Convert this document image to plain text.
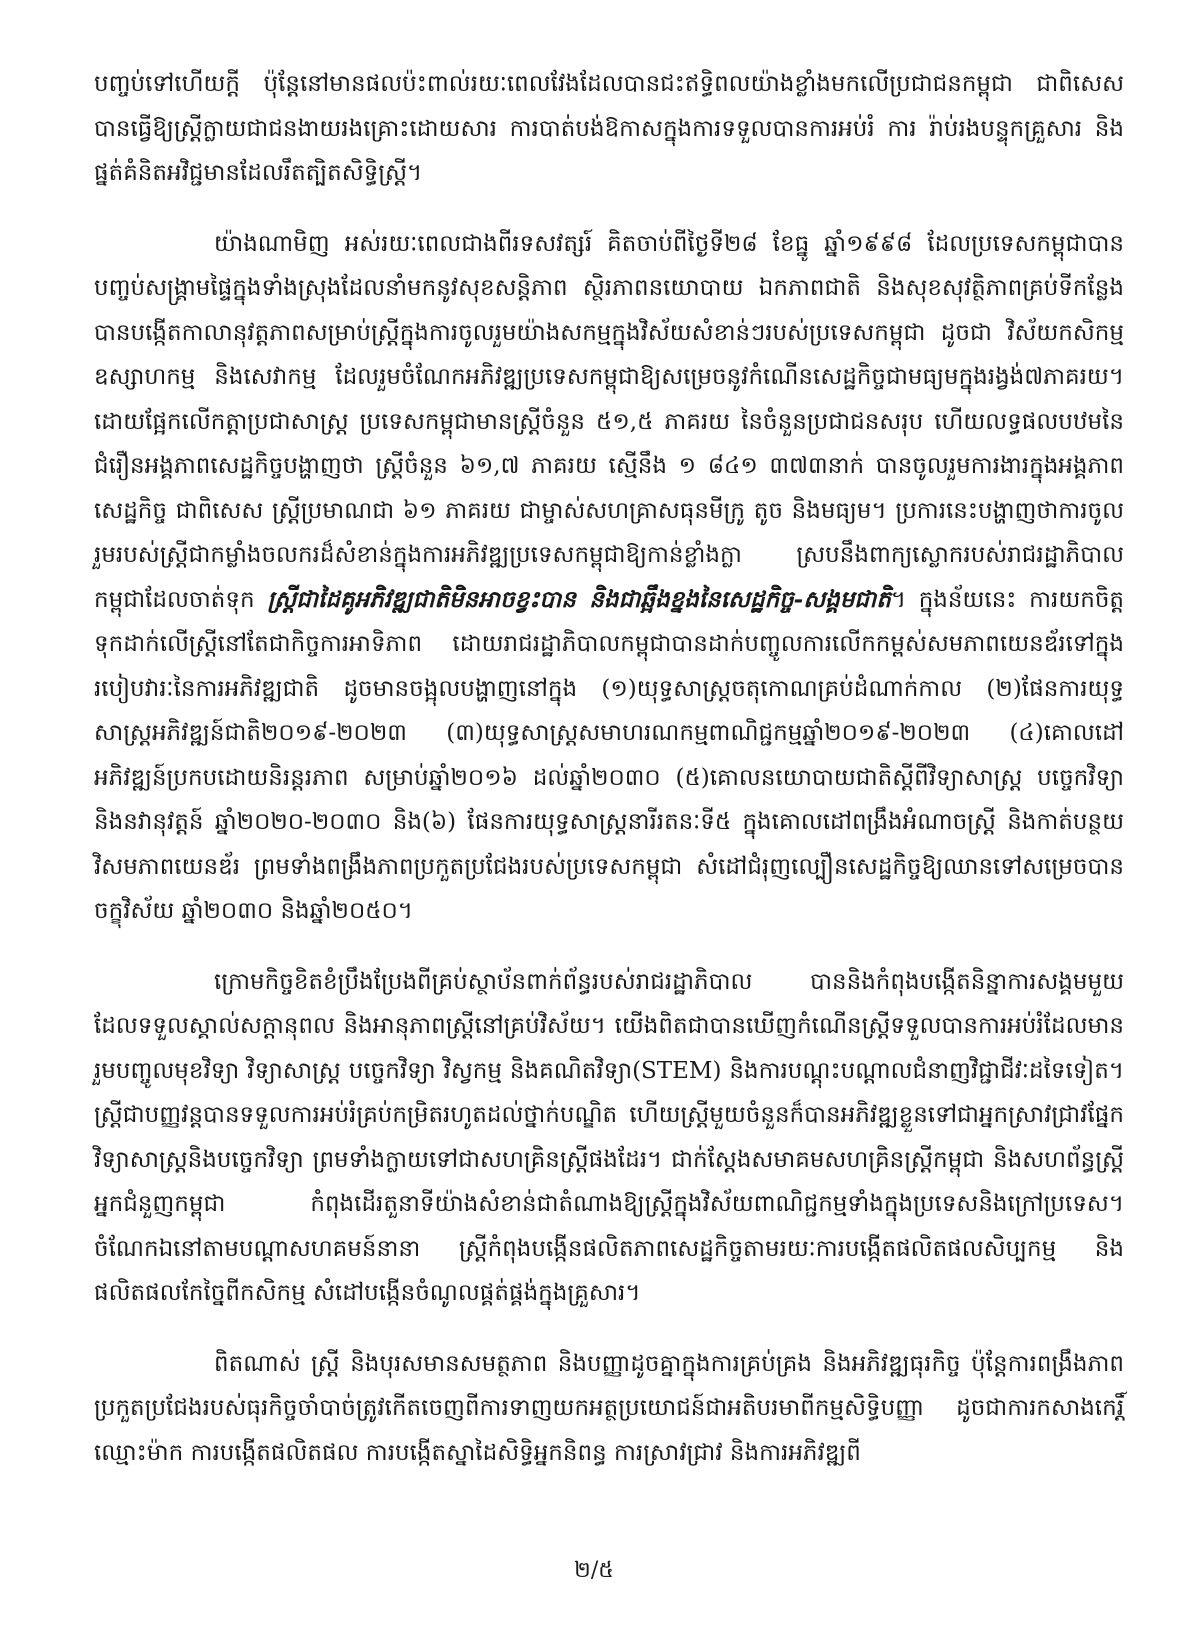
បញ្ចប់ទៅហើយក្ដី ប៉ុន្តែនៅមានផលប៉ះពាល់រយៈពេលវែងដែលបានជះឥទ្ធិពលយ៉ាងខ្លាំងមកលើប្រជាជនកម្ពុជា ជាពិសេសបានធ្វើឱ្យស្ត្រីក្លាយជាជនងាយរងគ្រោះដោយសារ ការបាត់បង់ឱកាសក្នុងការទទួលបានការអប់រំ ការ រ៉ាប់រងបន្ទុកគ្រួសារ និងផ្នត់គំនិតអវិជ្ជមានដែលរឹតត្បិតសិទ្ធិស្ត្រី។

យ៉ាងណាមិញ អស់រយៈពេលជាងពីរទសវត្សរ៍ គិតចាប់ពីថ្ងៃទី២៨ ខែធ្នូ ឆ្នាំ១៩៩៨ ដែលប្រទេសកម្ពុជាបានបញ្ចប់សង្គ្រាមផ្ទៃក្នុងទាំងស្រុងដែលនាំមកនូវសុខសន្តិភាព ស្ថិរភាពនយោបាយ ឯកភាពជាតិ និងសុខសុវត្ថិភាពគ្រប់ទីកន្លែង បានបង្កើតកាលានុវត្តភាពសម្រាប់ស្ត្រីក្នុងការចូលរួមយ៉ាងសកម្មក្នុងវិស័យសំខាន់ៗរបស់ប្រទេសកម្ពុជា ដូចជា វិស័យកសិកម្ម ឧស្សាហកម្ម និងសេវាកម្ម ដែលរួមចំណែកអភិវឌ្ឍប្រទេសកម្ពុជាឱ្យសម្រេចនូវកំណើនសេដ្ឋកិច្ចជាមធ្យមក្នុងរង្វង់៧ភាគរយ។ ដោយផ្អែកលើកត្តាប្រជាសាស្ត្រ ប្រទេសកម្ពុជាមានស្ត្រីចំនួន ៥១,៥ ភាគរយ នៃចំនួនប្រជាជនសរុប ហើយលទ្ធផលបឋមនៃជំរឿនអង្គភាពសេដ្ឋកិច្ចបង្ហាញថា ស្ត្រីចំនួន ៦១,៧ ភាគរយ ស្មើនឹង ១ ៨៤១ ៣៧៣នាក់ បានចូលរួមការងារក្នុងអង្គភាពសេដ្ឋកិច្ច ជាពិសេស ស្ត្រីប្រមាណជា ៦១ ភាគរយ ជាម្ចាស់សហគ្រាសធុនមីក្រូ តូច និងមធ្យម។ ប្រការនេះបង្ហាញថាការចូលរួមរបស់ស្ត្រីជាកម្លាំងចលករដ៏សំខាន់ក្នុងការអភិវឌ្ឍប្រទេសកម្ពុជាឱ្យកាន់ខ្លាំងក្លា ស្របនឹងពាក្យស្លោករបស់រាជរដ្ឋាភិបាលកម្ពុជាដែលចាត់ទុក ស្ត្រីជាដៃគូអភិវឌ្ឍជាតិមិនអាចខ្វះបាន និងជាឆ្អឹងខ្នងនៃសេដ្ឋកិច្ច-សង្គមជាតិ។ ក្នុងន័យនេះ ការយកចិត្តទុកដាក់លើស្ត្រីនៅតែជាកិច្ចការអាទិភាព ដោយរាជរដ្ឋាភិបាលកម្ពុជាបានដាក់បញ្ចូលការលើកកម្ពស់សមភាពយេនឌ័រទៅក្នុងរបៀបវារៈនៃការអភិវឌ្ឍជាតិ ដូចមានចង្អុលបង្ហាញនៅក្នុង (១)យុទ្ធសាស្ត្រចតុកោណគ្រប់ដំណាក់កាល (២)ផែនការយុទ្ធសាស្ត្រអភិវឌ្ឍន៍ជាតិ២០១៩-២០២៣ (៣)យុទ្ធសាស្ត្រសមាហរណកម្មពាណិជ្ជកម្មឆ្នាំ២០១៩-២០២៣ (៤)គោលដៅអភិវឌ្ឍន៍ប្រកបដោយនិរន្តរភាព សម្រាប់ឆ្នាំ២០១៦ ដល់ឆ្នាំ២០៣០ (៥)គោលនយោបាយជាតិស្ដីពីវិទ្យាសាស្ត្រ បច្ចេកវិទ្យា និងនវានុវត្តន៍ ឆ្នាំ២០២០-២០៣០ និង(៦) ផែនការយុទ្ធសាស្ត្រនារីរតនៈទី៥ ក្នុងគោលដៅពង្រឹងអំណាចស្ត្រី និងកាត់បន្ថយវិសមភាពយេនឌ័រ ព្រមទាំងពង្រឹងភាពប្រកួតប្រជែងរបស់ប្រទេសកម្ពុជា សំដៅជំរុញល្បឿនសេដ្ឋកិច្ចឱ្យឈានទៅសម្រេចបានចក្ខុវិស័យ ឆ្នាំ២០៣០ និងឆ្នាំ២០៥០។

ក្រោមកិច្ចខិតខំប្រឹងប្រែងពីគ្រប់ស្ថាប័នពាក់ព័ន្ធរបស់រាជរដ្ឋាភិបាល បាននិងកំពុងបង្កើតនិន្នាការសង្គមមួយ ដែលទទួលស្គាល់សក្ដានុពល និងអានុភាពស្ត្រីនៅគ្រប់វិស័យ។ យើងពិតជាបានឃើញកំណើនស្ត្រីទទួលបានការអប់រំដែលមានរួមបញ្ចូលមុខវិទ្យា វិទ្យាសាស្ត្រ បច្ចេកវិទ្យា វិស្វកម្ម និងគណិតវិទ្យា(STEM) និងការបណ្ដុះបណ្ដាលជំនាញវិជ្ជាជីវៈដទៃទៀត។ ស្ត្រីជាបញ្ញវន្តបានទទួលការអប់រំគ្រប់កម្រិតរហូតដល់ថ្នាក់បណ្ឌិត ហើយស្ត្រីមួយចំនួនក៏បានអភិវឌ្ឍខ្លួនទៅជាអ្នកស្រាវជ្រាវផ្នែកវិទ្យាសាស្ត្រនិងបច្ចេកវិទ្យា ព្រមទាំងក្លាយទៅជាសហគ្រិនស្ត្រីផងដែរ។ ជាក់ស្ដែងសមាគមសហគ្រិនស្ត្រីកម្ពុជា និងសហព័ន្ធស្ត្រីអ្នកជំនួញកម្ពុជា កំពុងដើរតួនាទីយ៉ាងសំខាន់ជាតំណាងឱ្យស្ត្រីក្នុងវិស័យពាណិជ្ជកម្មទាំងក្នុងប្រទេសនិងក្រៅប្រទេស។ ចំណែកឯនៅតាមបណ្ដាសហគមន៍នានា ស្ត្រីកំពុងបង្កើនផលិតភាពសេដ្ឋកិច្ចតាមរយៈការបង្កើតផលិតផលសិប្បកម្ម និងផលិតផលកែច្នៃពីកសិកម្ម សំដៅបង្កើនចំណូលផ្គត់ផ្គង់ក្នុងគ្រួសារ។

ពិតណាស់ ស្ត្រី និងបុរសមានសមត្ថភាព និងបញ្ញាដូចគ្នាក្នុងការគ្រប់គ្រង និងអភិវឌ្ឍធុរកិច្ច ប៉ុន្តែការពង្រឹងភាពប្រកួតប្រជែងរបស់ធុរកិច្ចចាំបាច់ត្រូវកើតចេញពីការទាញយកអត្ថប្រយោជន៍ជាអតិបរមាពីកម្មសិទ្ធិបញ្ញា ដូចជាការកសាងកេរ្តិ៍ឈ្មោះម៉ាក ការបង្កើតផលិតផល ការបង្កើតស្នាដៃសិទ្ធិអ្នកនិពន្ធ ការស្រាវជ្រាវ និងការអភិវឌ្ឍពី

២/៥
